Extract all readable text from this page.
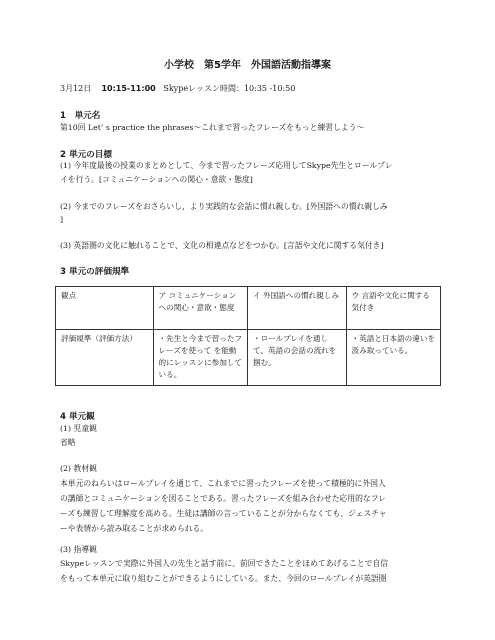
小学校　第5学年　外国語活動指導案
3月12日 10:15-11:00 Skypeレッスン時間：10:35 -10:50
1　単元名
第10回 Let’ s practice the phrases～これまで習ったフレーズをもっと練習しよう～
2 単元の目標
(1) 今年度最後の授業のまとめとして、今まで習ったフレーズ応用してSkype先生とロールプレ
イを行う。[コミュニケーションへの関心・意欲・態度]
(2) 今までのフレーズをおさらいし，より実践的な会話に慣れ親しむ。[外国語への慣れ親しみ
]
(3) 英語圏の文化に触れることで、文化の相違点などをつかむ。[言語や文化に関する気付き]
3 単元の評価規準
観点	ア コミュニケーションへの関心・意欲・態度	イ 外国語への慣れ親しみ	ウ 言語や文化に関する気付き
評価規準（評価方法）	・先生と今まで習ったフレーズを使って を能動的にレッスンに参加している。	・ロールプレイを通して、英語の会話の流れを掴む。	・英語と日本語の違いを汲み取っている。
4 単元観
(1) 児童観
省略
(2) 教材観
本単元のねらいはロールプレイを通じて、これまでに習ったフレーズを使って積極的に外国人
の講師とコミュニケーションを図ることである。習ったフレーズを組み合わせた応用的なフレ
ーズも練習して理解度を高める。生徒は講師の言っていることが分からなくても、ジェスチャ
ーや表情から読み取ることが求められる。
(3) 指導観
Skypeレッスンで実際に外国人の先生と話す前に、前回できたことをほめてあげることで自信
をもって本単元に取り組むことができるようにしている。また、今回のロールプレイが英語圏
